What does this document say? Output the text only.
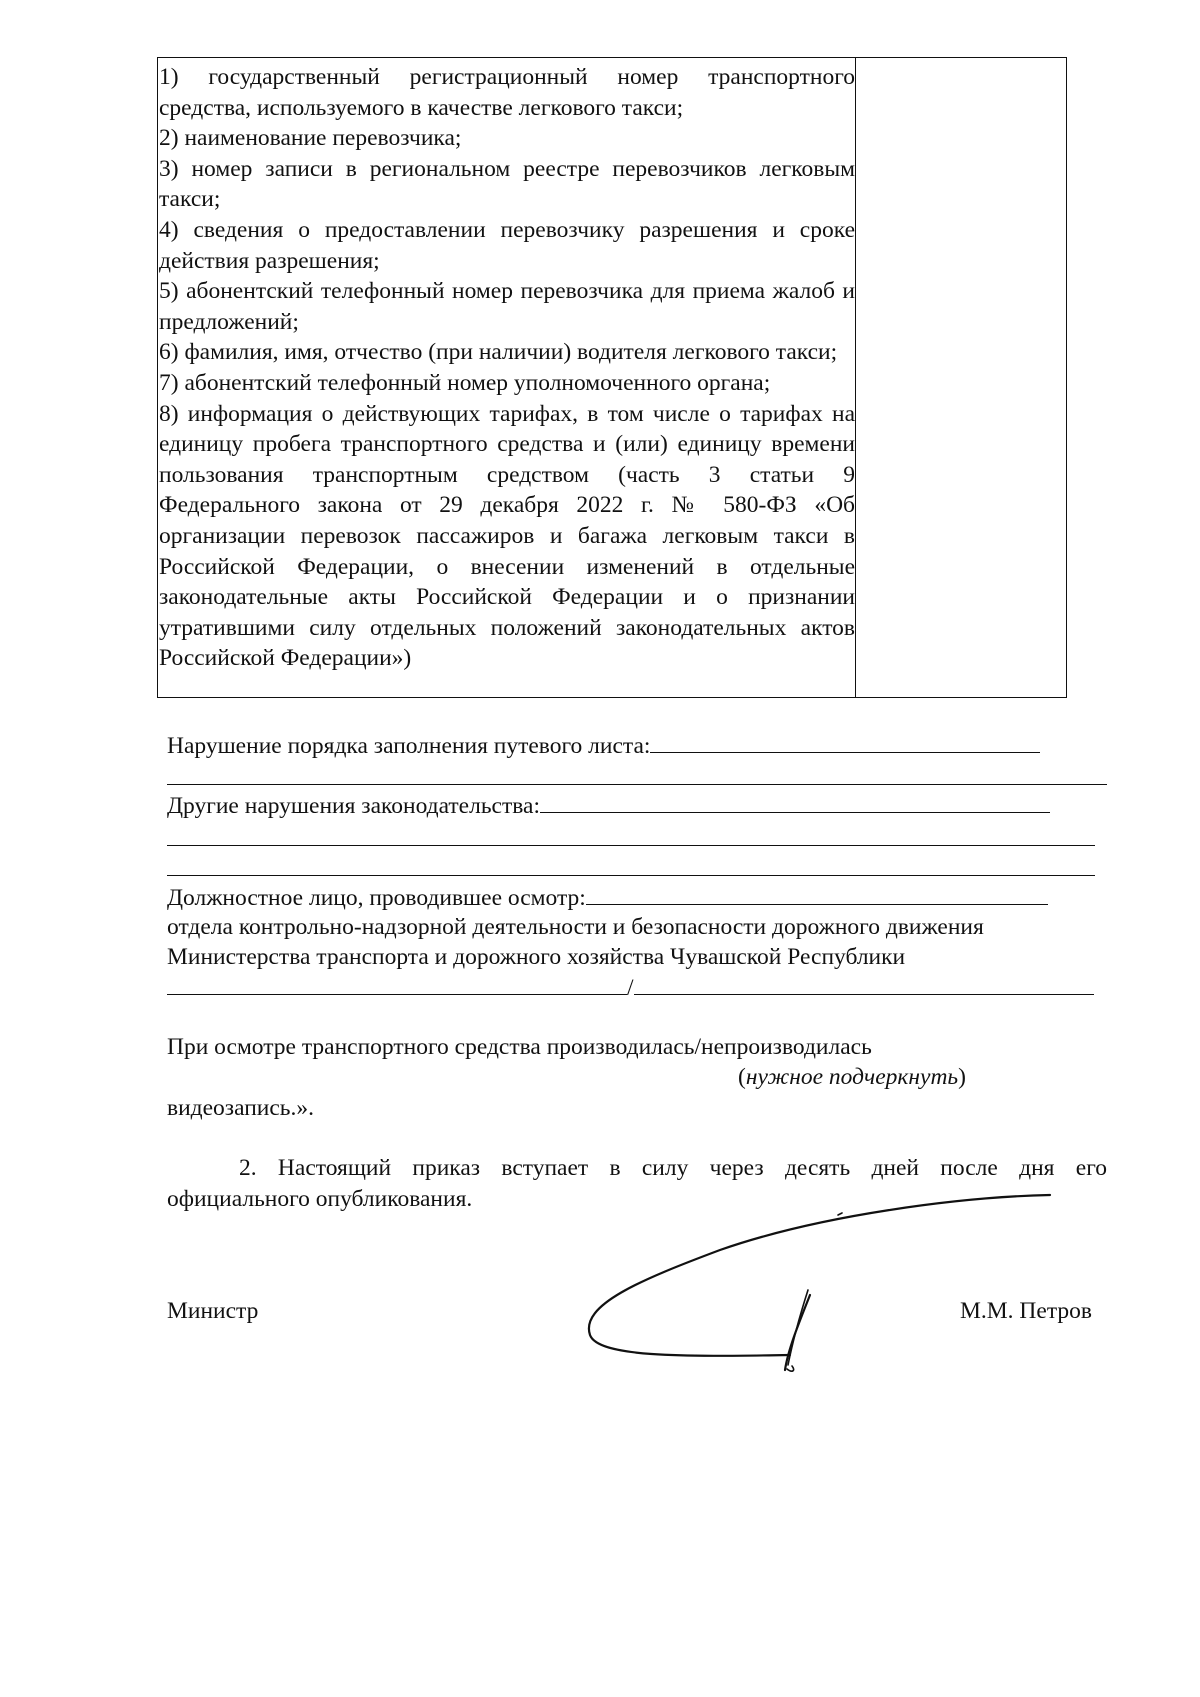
1) государственный регистрационный номер транспортного средства, используемого в качестве легкового такси;

2) наименование перевозчика;

3) номер записи в региональном реестре перевозчиков легковым такси;

4) сведения о предоставлении перевозчику разрешения и сроке действия разрешения;

5) абонентский телефонный номер перевозчика для приема жалоб и предложений;

6) фамилия, имя, отчество (при наличии) водителя легкового такси;

7) абонентский телефонный номер уполномоченного органа;

8) информация о действующих тарифах, в том числе о тарифах на единицу пробега транспортного средства и (или) единицу времени пользования транспортным средством (часть 3 статьи 9 Федерального закона от 29 декабря 2022 г. № 580-ФЗ «Об организации перевозок пассажиров и багажа легковым такси в Российской Федерации, о внесении изменений в отдельные законодательные акты Российской Федерации и о признании утратившими силу отдельных положений законодательных актов Российской Федерации»)

Нарушение порядка заполнения путевого листа:
Другие нарушения законодательства:
Должностное лицо, проводившее осмотр:
отдела контрольно-надзорной деятельности и безопасности дорожного движения
Министерства транспорта и дорожного хозяйства Чувашской Республики
/
При осмотре транспортного средства производилась/непроизводилась
(нужное подчеркнуть)
видеозапись.».
2. Настоящий приказ вступает в силу через десять дней после дня его
официального опубликования.
Министр	М.М. Петров
